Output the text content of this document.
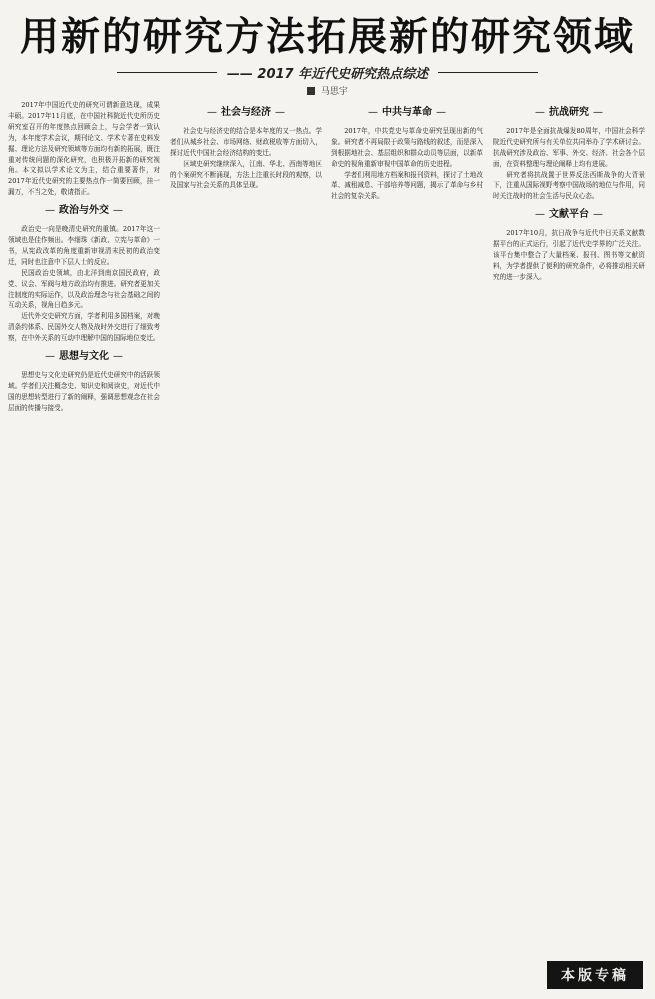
用新的研究方法拓展新的研究领域
—— 2017 年近代史研究热点综述
马思宇

2017年中国近代史的研究可谓新意迭现，成果丰硕。2017年11月底，在中国社科院近代史所历史研究室召开的年度热点回顾会上，与会学者一致认为，本年度学术会议，期刊论文、学术专著在史料发掘、理论方法及研究领域等方面均有新的拓展，既注重对传统问题的深化研究，也积极开拓新的研究视角。本文拟以学术论文为主，结合重要著作，对2017年近代史研究的主要热点作一简要回顾，挂一漏万，不当之处，敬请指正。

— 政治与外交 —

政治史一向是晚清史研究的重镇。2017年这一领域也是佳作频出。李细珠《新政、立宪与革命》一书，从宪政改革的角度重新审视清末民初的政治变迁，同时也注意中下层人士的反应。

民国政治史领域，由北洋到南京国民政府，政党、议会、军阀与地方政治均有推进。研究者更加关注制度的实际运作，以及政治理念与社会基础之间的互动关系，视角日趋多元。

近代外交史研究方面，学者利用多国档案，对晚清条约体系、民国外交人物及战时外交进行了细致考察，在中外关系的互动中理解中国的国际地位变迁。

— 思想与文化 —

思想史与文化史研究仍是近代史研究中的活跃领域。学者们关注概念史、知识史和阅读史，对近代中国的思想转型进行了新的阐释，强调思想观念在社会层面的传播与接受。

— 社会与经济 —

社会史与经济史的结合是本年度的又一热点。学者们从城乡社会、市场网络、财政税收等方面切入，探讨近代中国社会经济结构的变迁。

区域史研究继续深入，江南、华北、西南等地区的个案研究不断涌现，方法上注重长时段的观察，以及国家与社会关系的具体呈现。

— 中共与革命 —

2017年，中共党史与革命史研究呈现出新的气象。研究者不再局限于政策与路线的叙述，而是深入到根据地社会、基层组织和群众动员等层面，以新革命史的视角重新审视中国革命的历史进程。

学者们利用地方档案和报刊资料，探讨了土地改革、减租减息、干部培养等问题，揭示了革命与乡村社会的复杂关系。

— 抗战研究 —

2017年是全面抗战爆发80周年，中国社会科学院近代史研究所与有关单位共同举办了学术研讨会。抗战研究涉及政治、军事、外交、经济、社会各个层面，在资料整理与理论阐释上均有进展。

研究者将抗战置于世界反法西斯战争的大背景下，注重从国际视野考察中国战场的地位与作用，同时关注战时的社会生活与民众心态。

— 文献平台 —

2017年10月，抗日战争与近代中日关系文献数据平台的正式运行，引起了近代史学界的广泛关注。该平台集中整合了大量档案、报刊、图书等文献资料，为学者提供了便利的研究条件，必将推动相关研究的进一步深入。

本版专稿
